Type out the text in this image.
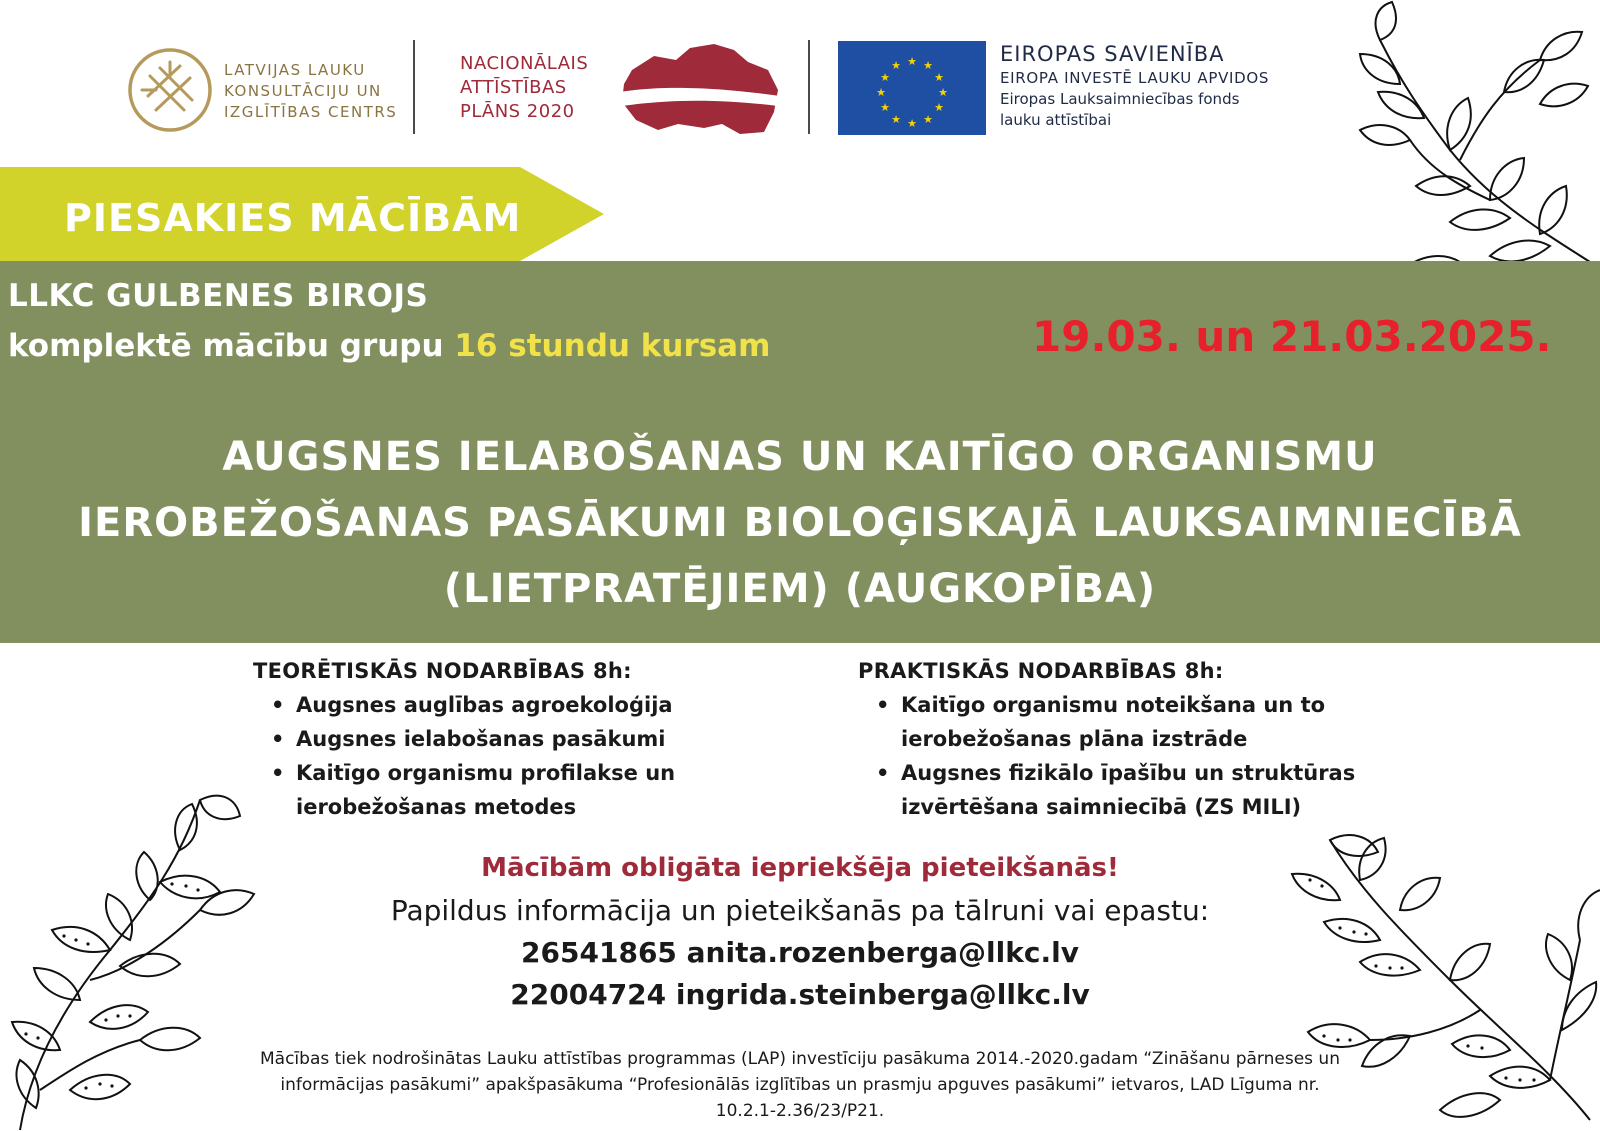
LATVIJAS LAUKU
KONSULTĀCIJU UN
IZGLĪTĪBAS CENTRS
NACIONĀLAIS
ATTĪSTĪBAS
PLĀNS 2020
★ ★
★
★
★
★
★
★
★
★
★
★	EIROPAS SAVIENĪBA
EIROPA INVESTĒ LAUKU APVIDOS
Eiropas Lauksaimniecības fonds
lauku attīstībai
PIESAKIES MĀCĪBĀM
LLKC GULBENES BIROJS
komplektē mācību grupu 16 stundu kursam	19.03. un 21.03.2025.
AUGSNES IELABOŠANAS UN KAITĪGO ORGANISMU
IEROBEŽOŠANAS PASĀKUMI BIOLOĢISKAJĀ LAUKSAIMNIECĪBĀ
(LIETPRATĒJIEM) (AUGKOPĪBA)
TEORĒTISKĀS NODARBĪBAS 8h:
• Augsnes auglības agroekoloģija
• Augsnes ielabošanas pasākumi
• Kaitīgo organismu profilakse un ierobežošanas metodes
PRAKTISKĀS NODARBĪBAS 8h:
• Kaitīgo organismu noteikšana un to ierobežošanas plāna izstrāde
• Augsnes fizikālo īpašību un struktūras izvērtēšana saimniecībā (ZS MILI)
Mācībām obligāta iepriekšēja pieteikšanās!
Papildus informācija un pieteikšanās pa tālruni vai epastu:
26541865 anita.rozenberga@llkc.lv
22004724 ingrida.steinberga@llkc.lv
Mācības tiek nodrošinātas Lauku attīstības programmas (LAP) investīciju pasākuma 2014.-2020.gadam “Zināšanu pārneses un
informācijas pasākumi” apakšpasākuma “Profesionālās izglītības un prasmju apguves pasākumi” ietvaros, LAD Līguma nr.
10.2.1-2.36/23/P21.
